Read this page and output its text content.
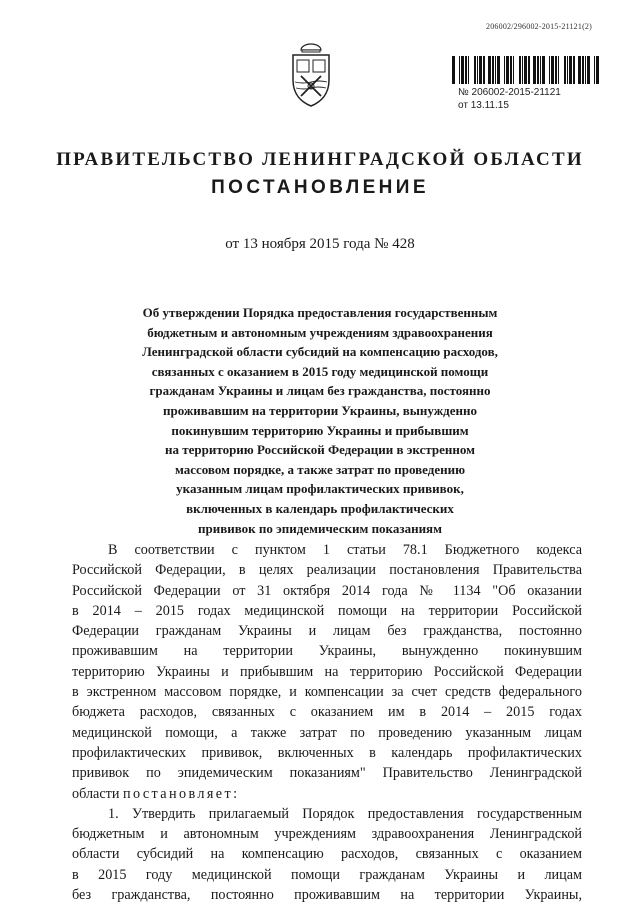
206002/296002-2015-21121(2)
№ 206002-2015-21121
от 13.11.15
ПРАВИТЕЛЬСТВО ЛЕНИНГРАДСКОЙ ОБЛАСТИ
ПОСТАНОВЛЕНИЕ
от 13 ноября 2015 года № 428
Об утверждении Порядка предоставления государственным
бюджетным и автономным учреждениям здравоохранения
Ленинградской области субсидий на компенсацию расходов,
связанных с оказанием в 2015 году медицинской помощи
гражданам Украины и лицам без гражданства, постоянно
проживавшим на территории Украины, вынужденно
покинувшим территорию Украины и прибывшим
на территорию Российской Федерации в экстренном
массовом порядке, а также затрат по проведению
указанным лицам профилактических прививок,
включенных в календарь профилактических
прививок по эпидемическим показаниям
В соответствии с пунктом 1 статьи 78.1 Бюджетного кодекса
Российской Федерации, в целях реализации постановления Правительства
Российской Федерации от 31 октября 2014 года № 1134 "Об оказании
в 2014 – 2015 годах медицинской помощи на территории Российской
Федерации гражданам Украины и лицам без гражданства, постоянно
проживавшим на территории Украины, вынужденно покинувшим
территорию Украины и прибывшим на территорию Российской Федерации
в экстренном массовом порядке, и компенсации за счет средств федерального
бюджета расходов, связанных с оказанием им в 2014 – 2015 годах
медицинской помощи, а также затрат по проведению указанным лицам
профилактических прививок, включенных в календарь профилактических
прививок по эпидемическим показаниям" Правительство Ленинградской
области постановляет:
1. Утвердить прилагаемый Порядок предоставления государственным
бюджетным и автономным учреждениям здравоохранения Ленинградской
области субсидий на компенсацию расходов, связанных с оказанием
в 2015 году медицинской помощи гражданам Украины и лицам
без гражданства, постоянно проживавшим на территории Украины,
